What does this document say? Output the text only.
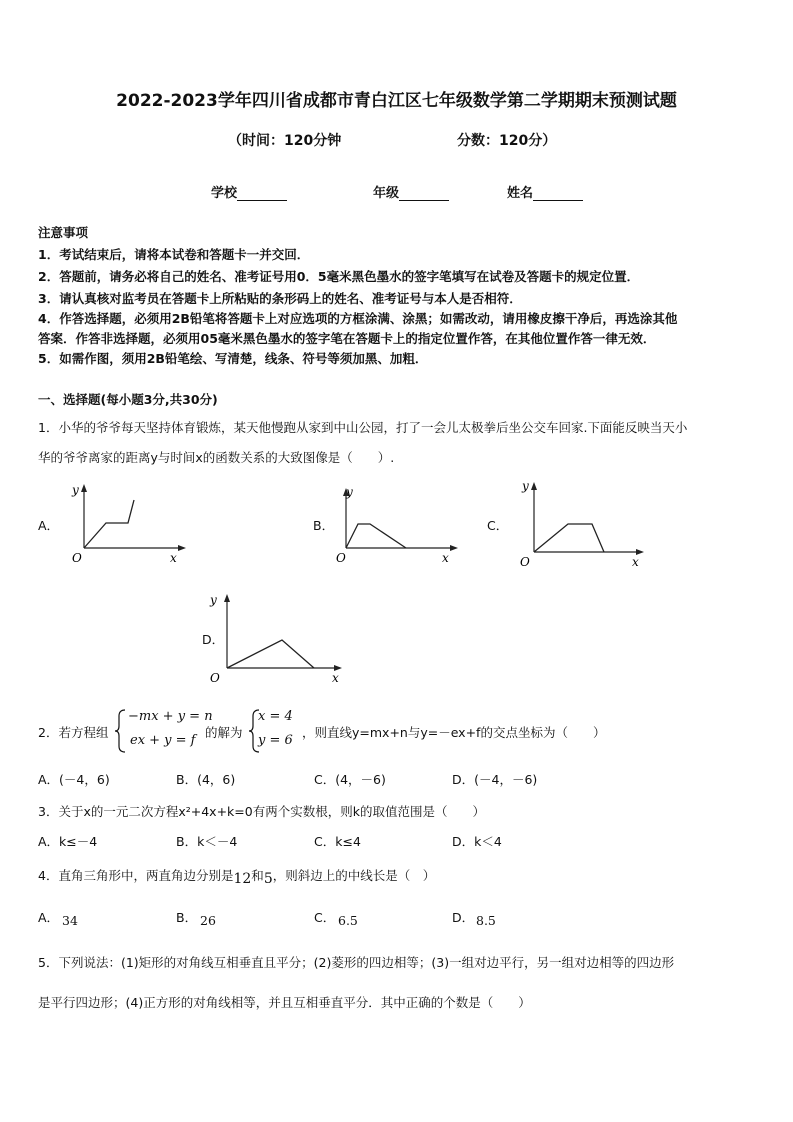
2022-2023学年四川省成都市青白江区七年级数学第二学期期末预测试题
（时间：120分钟	分数：120分）
学校	年级	姓名
注意事项
1．考试结束后，请将本试卷和答题卡一并交回．
2．答题前，请务必将自己的姓名、准考证号用0．5毫米黑色墨水的签字笔填写在试卷及答题卡的规定位置．
3．请认真核对监考员在答题卡上所粘贴的条形码上的姓名、准考证号与本人是否相符．
4．作答选择题，必须用2B铅笔将答题卡上对应选项的方框涂满、涂黑；如需改动，请用橡皮擦干净后，再选涂其他
答案．作答非选择题，必须用05毫米黑色墨水的签字笔在答题卡上的指定位置作答，在其他位置作答一律无效．
5．如需作图，须用2B铅笔绘、写清楚，线条、符号等须加黑、加粗．
一、选择题(每小题3分,共30分)
1．小华的爷爷每天坚持体育锻炼，某天他慢跑从家到中山公园，打了一会儿太极拳后坐公交车回家.下面能反映当天小
华的爷爷离家的距离y与时间x的函数关系的大致图像是（　　）.
A．	B．	C．
D．
y
O	x
y
O	x
y
O	x
y
O	x
2．若方程组
−mx + y = n
ex + y = f
的解为
x = 4
y = 6
，则直线y=mx+n与y=－ex+f的交点坐标为（　　）
A．(－4，6)	B．(4，6)	C．(4，－6)	D．(－4，－6)
3．关于x的一元二次方程x²+4x+k=0有两个实数根，则k的取值范围是（　　）
A．k≤－4	B．k＜－4	C．k≤4	D．k＜4
4．直角三角形中，两直角边分别是12和5，则斜边上的中线长是（　）
A． 34	B． 26	C． 6.5	D． 8.5
5．下列说法：(1)矩形的对角线互相垂直且平分；(2)菱形的四边相等；(3)一组对边平行，另一组对边相等的四边形
是平行四边形；(4)正方形的对角线相等，并且互相垂直平分．其中正确的个数是（　　）
